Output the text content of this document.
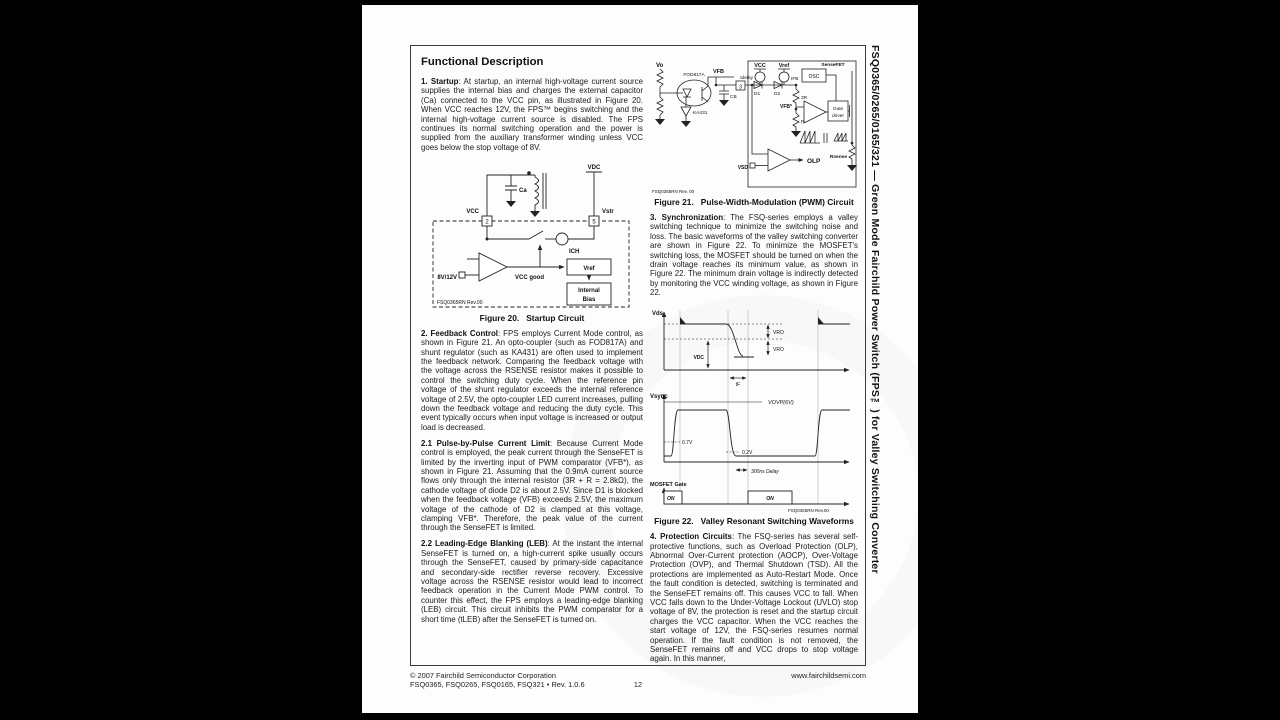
Functional Description

1. Startup: At startup, an internal high-voltage current source supplies the internal bias and charges the external capacitor (Ca) connected to the VCC pin, as illustrated in Figure 20. When VCC reaches 12V, the FPS™ begins switching and the internal high-voltage current source is disabled. The FPS continues its normal switching operation and the power is supplied from the auxiliary transformer winding unless VCC goes below the stop voltage of 8V.

VDC
Ca
VCC	Vstr
2	5
ICH
8V/12V	VCC good
Vref
Internal
Bias
FSQ0365RN Rev.00
Figure 20. Startup Circuit

2. Feedback Control: FPS employs Current Mode control, as shown in Figure 21. An opto-coupler (such as FOD817A) and shunt regulator (such as KA431) are often used to implement the feedback network. Comparing the feedback voltage with the voltage across the RSENSE resistor makes it possible to control the switching duty cycle. When the reference pin voltage of the shunt regulator exceeds the internal reference voltage of 2.5V, the opto-coupler LED current increases, pulling down the feedback voltage and reducing the duty cycle. This event typically occurs when input voltage is increased or output load is decreased.

2.1 Pulse-by-Pulse Current Limit: Because Current Mode control is employed, the peak current through the SenseFET is limited by the inverting input of PWM comparator (VFB*), as shown in Figure 21. Assuming that the 0.9mA current source flows only through the internal resistor (3R + R = 2.8kΩ), the cathode voltage of diode D2 is about 2.5V. Since D1 is blocked when the feedback voltage (VFB) exceeds 2.5V, the maximum voltage of the cathode of D2 is clamped at this voltage, clamping VFB*. Therefore, the peak value of the current through the SenseFET is limited.

2.2 Leading-Edge Blanking (LEB): At the instant the internal SenseFET is turned on, a high-current spike usually occurs through the SenseFET, caused by primary-side capacitance and secondary-side rectifier reverse recovery. Excessive voltage across the RSENSE resistor would lead to incorrect feedback operation in the Current Mode PWM control. To counter this effect, the FPS employs a leading-edge blanking (LEB) circuit. This circuit inhibits the PWM comparator for a short time (tLEB) after the SenseFET is turned on.

Vo
FOD817A
KA431
VFB
CB
3
Idelay
VCC Vref
IFB
D1	D2
3R
R
VFB*
OSC
Gate
driver
SenseFET
VSD
OLP
Rsense
FSQ0365RN Rev. 00
Figure 21. Pulse-Width-Modulation (PWM) Circuit

3. Synchronization: The FSQ-series employs a valley switching technique to minimize the switching noise and loss. The basic waveforms of the valley switching converter are shown in Figure 22. To minimize the MOSFET's switching loss, the MOSFET should be turned on when the drain voltage reaches its minimum value, as shown in Figure 22. The minimum drain voltage is indirectly detected by monitoring the VCC winding voltage, as shown in Figure 22.

Vds
VRO
VRO
VDC
tF
Vsync
VOVP(6V)
0.7V
0.2V
300ns Delay
MOSFET Gate
ON	ON
FSQ0365RN Rev.00
Figure 22. Valley Resonant Switching Waveforms

4. Protection Circuits: The FSQ-series has several self-protective functions, such as Overload Protection (OLP), Abnormal Over-Current protection (AOCP), Over-Voltage Protection (OVP), and Thermal Shutdown (TSD). All the protections are implemented as Auto-Restart Mode. Once the fault condition is detected, switching is terminated and the SenseFET remains off. This causes VCC to fall. When VCC falls down to the Under-Voltage Lockout (UVLO) stop voltage of 8V, the protection is reset and the startup circuit charges the VCC capacitor. When the VCC reaches the start voltage of 12V, the FSQ-series resumes normal operation. If the fault condition is not removed, the SenseFET remains off and VCC drops to stop voltage again. In this manner,

© 2007 Fairchild Semiconductor Corporation
FSQ0365, FSQ0265, FSQ0165, FSQ321 • Rev. 1.0.6	12
www.fairchildsemi.com
FSQ0365/0265/0165/321 — Green Mode Fairchild Power Switch (FPS™) for Valley Switching Converter
